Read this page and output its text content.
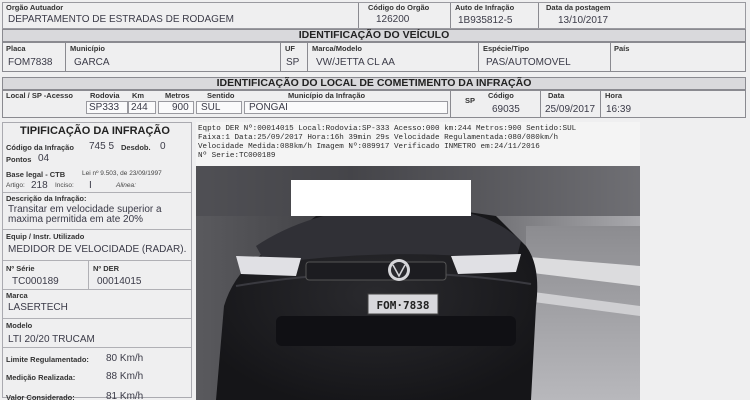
Orgão Autuador
DEPARTAMENTO DE ESTRADAS DE RODAGEM
Código do Orgão
126200
Auto de Infração
1B935812-5
Data da postagem
13/10/2017
IDENTIFICAÇÃO DO VEÍCULO
Placa
FOM7838
Município
GARCA
UF
SP
Marca/Modelo
VW/JETTA CL AA
Espécie/Tipo
PAS/AUTOMOVEL
País
IDENTIFICAÇÃO DO LOCAL DE COMETIMENTO DA INFRAÇÃO
Local / SP -Acesso Rodovia
SP333
Km
244
Metros
900
Sentido
SUL
Município da Infração
PONGAI
SP
Código
69035
Data
25/09/2017
Hora
16:39
TIPIFICAÇÃO DA INFRAÇÃO
Código da Infração 745 5 Desdob. 0
Pontos 04
Base legal - CTB	Lei nº 9.503, de 23/09/1997
Artigo: 218 Inciso: I	Alinea:
Descrição da Infração:
Transitar em velocidade superior a
maxima permitida em ate 20%
Equip / Instr. Utilizado
MEDIDOR DE VELOCIDADE (RADAR).
Nº Série
TC000189
Nº DER
00014015
Marca
LASERTECH
Modelo
LTI 20/20 TRUCAM
Limite Regulamentado: 80 Km/h
Medição Realizada:	88 Km/h
Valor Considerado:	81 Km/h
Eqpto DER Nº:00014015 Local:Rodovia:SP-333 Acesso:000 km:244 Metros:900 Sentido:SUL
Faixa:1 Data:25/09/2017 Hora:16h 39min 29s Velocidade Regulamentada:080/080km/h
Velocidade Medida:088km/h Imagem Nº:089917 Verificado INMETRO em:24/11/2016
Nº Serie:TC000189
FOM·7838
